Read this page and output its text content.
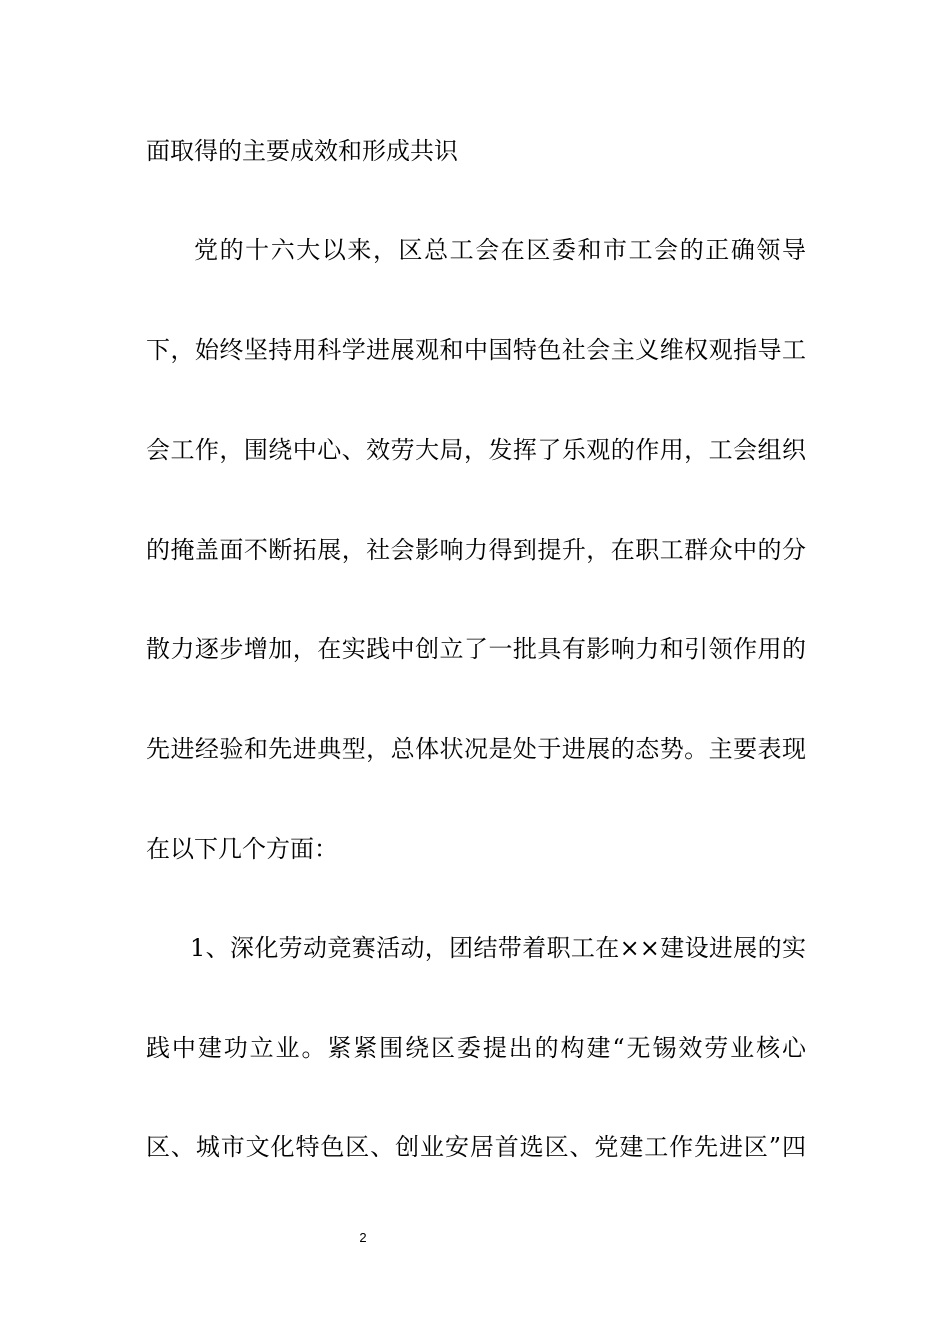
面取得的主要成效和形成共识
党的十六大以来，区总工会在区委和市工会的正确领导
下，始终坚持用科学进展观和中国特色社会主义维权观指导工
会工作，围绕中心、效劳大局，发挥了乐观的作用，工会组织
的掩盖面不断拓展，社会影响力得到提升，在职工群众中的分
散力逐步增加，在实践中创立了一批具有影响力和引领作用的
先进经验和先进典型，总体状况是处于进展的态势。主要表现
在以下几个方面：
1、深化劳动竞赛活动，团结带着职工在××建设进展的实
践中建功立业。紧紧围绕区委提出的构建“无锡效劳业核心
区、城市文化特色区、创业安居首选区、党建工作先进区”四
2
